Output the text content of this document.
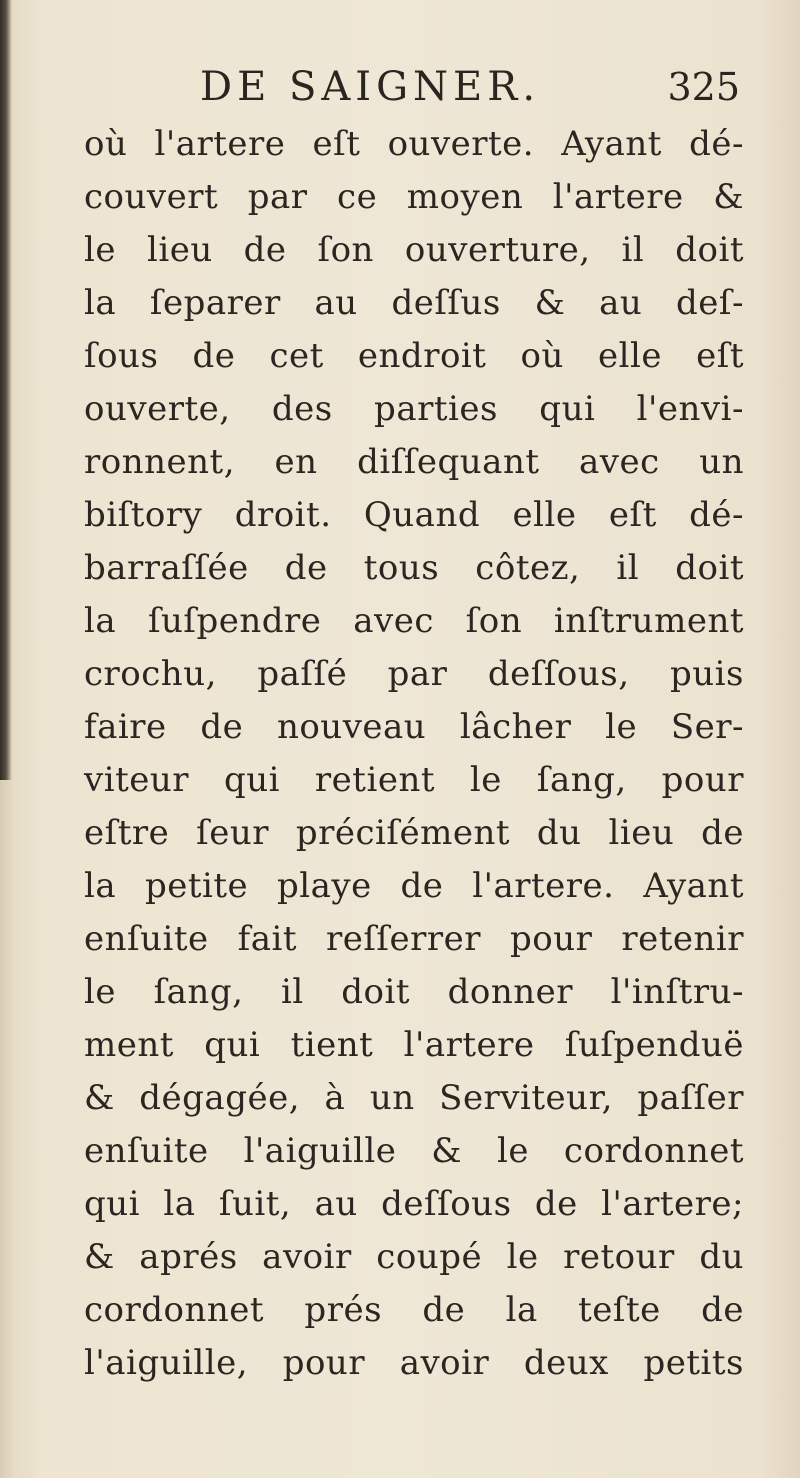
DE SAIGNER.	325
où l'artere eſt ouverte. Ayant dé-
couvert par ce moyen l'artere &
le lieu de ſon ouverture, il doit
la ſeparer au deſſus & au deſ-
ſous de cet endroit où elle eſt
ouverte, des parties qui l'envi-
ronnent, en diſſequant avec un
biſtory droit. Quand elle eſt dé-
barraſſée de tous côtez, il doit
la ſuſpendre avec ſon inſtrument
crochu, paſſé par deſſous, puis
faire de nouveau lâcher le Ser-
viteur qui retient le ſang, pour
eſtre ſeur préciſément du lieu de
la petite playe de l'artere. Ayant
enſuite fait reſſerrer pour retenir
le ſang, il doit donner l'inſtru-
ment qui tient l'artere ſuſpenduë
& dégagée, à un Serviteur, paſſer
enſuite l'aiguille & le cordonnet
qui la ſuit, au deſſous de l'artere;
& aprés avoir coupé le retour du
cordonnet prés de la teſte de
l'aiguille, pour avoir deux petits
